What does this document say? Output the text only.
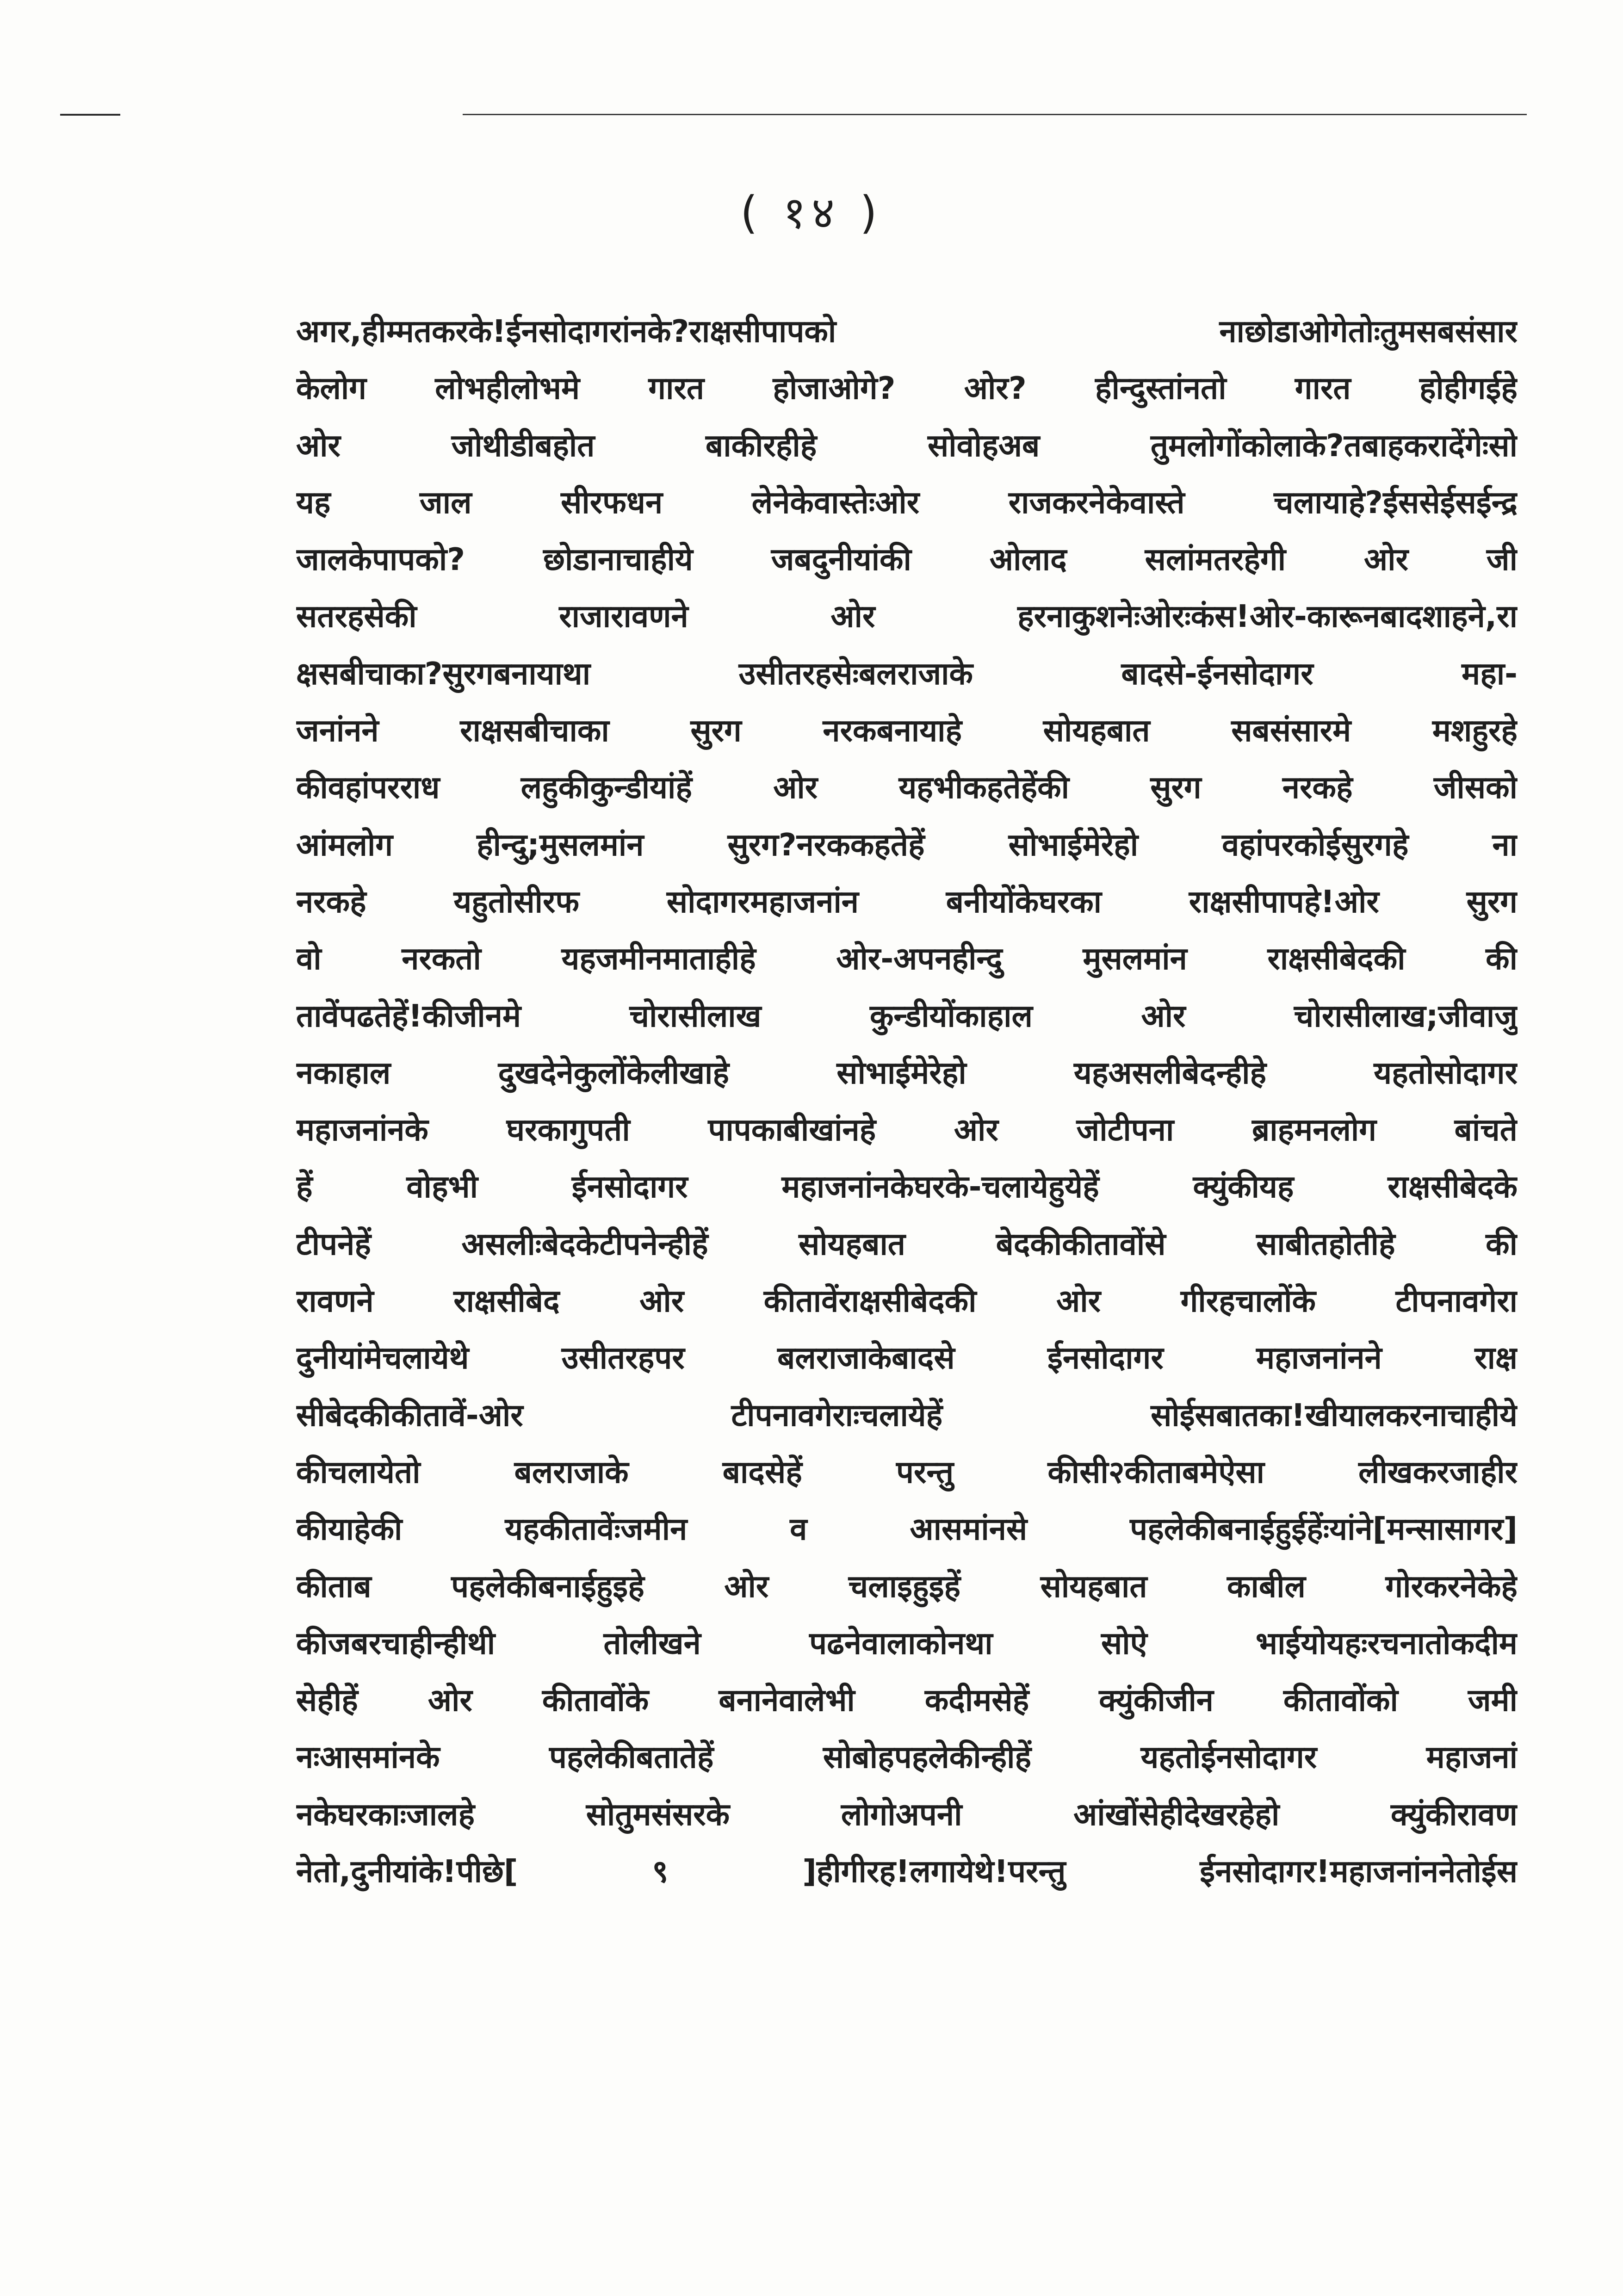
( १४ )
अगर,हीम्मतकरके!ईनसोदागरांनके?राक्षसीपापको नाछोडाओगेतोःतुमसबसंसार
केलोग लोभहीलोभमे गारत होजाओगे? ओर? हीन्दुस्तांनतो गारत होहीगईहे
ओर जोथीडीबहोत बाकीरहीहे सोवोहअब तुमलोगोंकोलाके?तबाहकरादेंगेःसो
यह जाल सीरफधन लेनेकेवास्तेःओर राजकरनेकेवास्ते चलायाहे?ईससेईसईन्द्र
जालकेपापको? छोडानाचाहीये जबदुनीयांकी ओलाद सलांमतरहेगी ओर जी
सतरहसेकी राजारावणने ओर हरनाकुशनेःओरःकंस!ओर-कारूनबादशाहने,रा
क्षसबीचाका?सुरगबनायाथा उसीतरहसेःबलराजाके बादसे-ईनसोदागर महा-
जनांनने राक्षसबीचाका सुरग नरकबनायाहे सोयहबात सबसंसारमे मशहुरहे
कीवहांपरराध लहुकीकुन्डीयांहें ओर यहभीकहतेहेंकी सुरग नरकहे जीसको
आंमलोग हीन्दु;मुसलमांन सुरग?नरककहतेहें सोभाईमेरेहो वहांपरकोईसुरगहे ना
नरकहे यहुतोसीरफ सोदागरमहाजनांन बनीयोंकेघरका राक्षसीपापहे!ओर सुरग
वो नरकतो यहजमीनमाताहीहे ओर-अपनहीन्दु मुसलमांन राक्षसीबेदकी की
तावेंपढतेहें!कीजीनमे चोरासीलाख कुन्डीयोंकाहाल ओर चोरासीलाख;जीवाजु
नकाहाल दुखदेनेकुलोंकेलीखाहे सोभाईमेरेहो यहअसलीबेदन्हीहे यहतोसोदागर
महाजनांनके घरकागुपती पापकाबीखांनहे ओर जोटीपना ब्राहमनलोग बांचते
हें वोहभी ईनसोदागर महाजनांनकेघरके-चलायेहुयेहें क्युंकीयह राक्षसीबेदके
टीपनेहें असलीःबेदकेटीपनेन्हीहें सोयहबात बेदकीकीतावोंसे साबीतहोतीहे की
रावणने राक्षसीबेद ओर कीतावेंराक्षसीबेदकी ओर गीरहचालोंके टीपनावगेरा
दुनीयांमेचलायेथे उसीतरहपर बलराजाकेबादसे ईनसोदागर महाजनांनने राक्ष
सीबेदकीकीतावें-ओर टीपनावगेराःचलायेहें सोईसबातका!खीयालकरनाचाहीये
कीचलायेतो बलराजाके बादसेहें परन्तु कीसी२कीताबमेऐसा लीखकरजाहीर
कीयाहेकी यहकीतावेंःजमीन व आसमांनसे पहलेकीबनाईहुईहेंःयांने[मन्सासागर]
कीताब पहलेकीबनाईहुइहे ओर चलाइहुइहें सोयहबात काबील गोरकरनेकेहे
कीजबरचाहीन्हीथी तोलीखने पढनेवालाकोनथा सोऐ भाईयोयहःरचनातोकदीम
सेहीहें ओर कीतावोंके बनानेवालेभी कदीमसेहें क्युंकीजीन कीतावोंको जमी
नःआसमांनके पहलेकीबतातेहें सोबोहपहलेकीन्हीहें यहतोईनसोदागर महाजनां
नकेघरकाःजालहे सोतुमसंसरके लोगोअपनी आंखोंसेहीदेखरहेहो क्युंकीरावण
नेतो,दुनीयांके!पीछे[ ९ ]हीगीरह!लगायेथे!परन्तु ईनसोदागर!महाजनांननेतोईस
